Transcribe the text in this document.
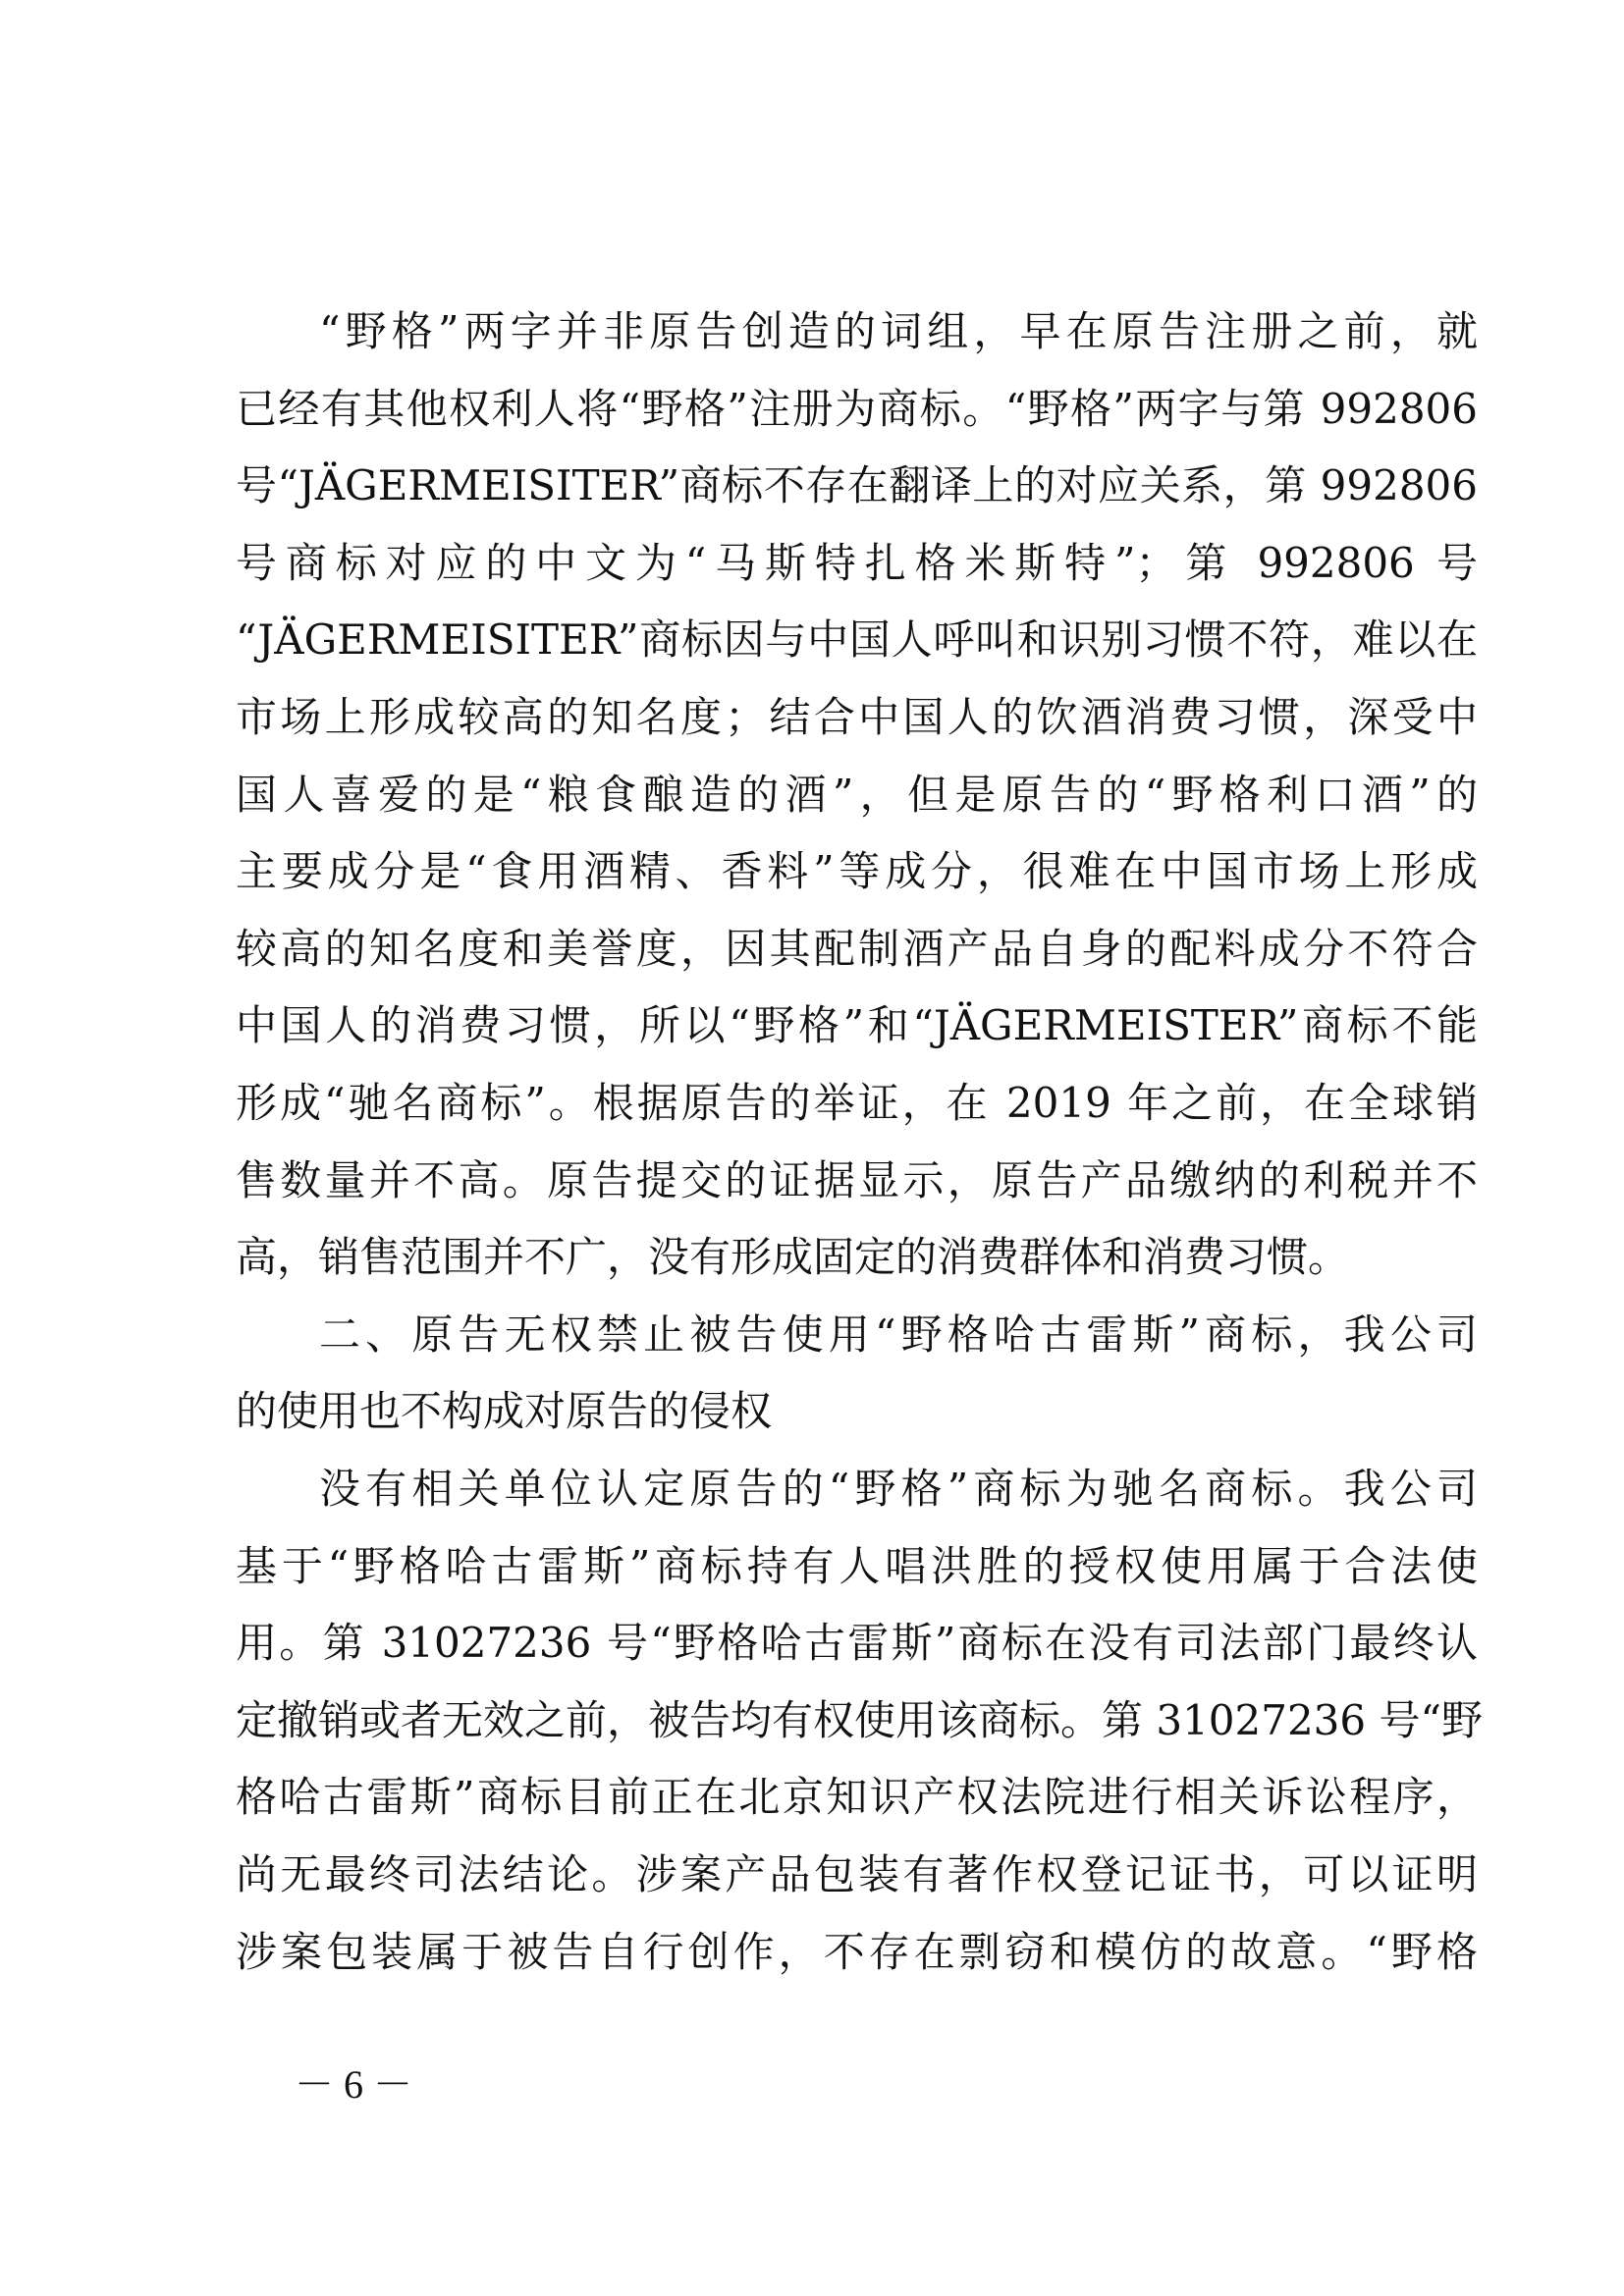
“野格”两字并非原告创造的词组，早在原告注册之前，就
已经有其他权利人将“野格”注册为商标。“野格”两字与第 992806
号“JÄGERMEISITER”商标不存在翻译上的对应关系，第 992806
号商标对应的中文为“马斯特扎格米斯特”；第 992806 号
“JÄGERMEISITER”商标因与中国人呼叫和识别习惯不符，难以在
市场上形成较高的知名度；结合中国人的饮酒消费习惯，深受中
国人喜爱的是“粮食酿造的酒”，但是原告的“野格利口酒”的
主要成分是“食用酒精、香料”等成分，很难在中国市场上形成
较高的知名度和美誉度，因其配制酒产品自身的配料成分不符合
中国人的消费习惯，所以“野格”和“JÄGERMEISTER”商标不能
形成“驰名商标”。根据原告的举证，在 2019 年之前，在全球销
售数量并不高。原告提交的证据显示，原告产品缴纳的利税并不
高，销售范围并不广，没有形成固定的消费群体和消费习惯。
二、原告无权禁止被告使用“野格哈古雷斯”商标，我公司
的使用也不构成对原告的侵权
没有相关单位认定原告的“野格”商标为驰名商标。我公司
基于“野格哈古雷斯”商标持有人唱洪胜的授权使用属于合法使
用。第 31027236 号“野格哈古雷斯”商标在没有司法部门最终认
定撤销或者无效之前，被告均有权使用该商标。第 31027236 号“野
格哈古雷斯”商标目前正在北京知识产权法院进行相关诉讼程序，
尚无最终司法结论。涉案产品包装有著作权登记证书，可以证明
涉案包装属于被告自行创作，不存在剽窃和模仿的故意。“野格
－ 6 －
